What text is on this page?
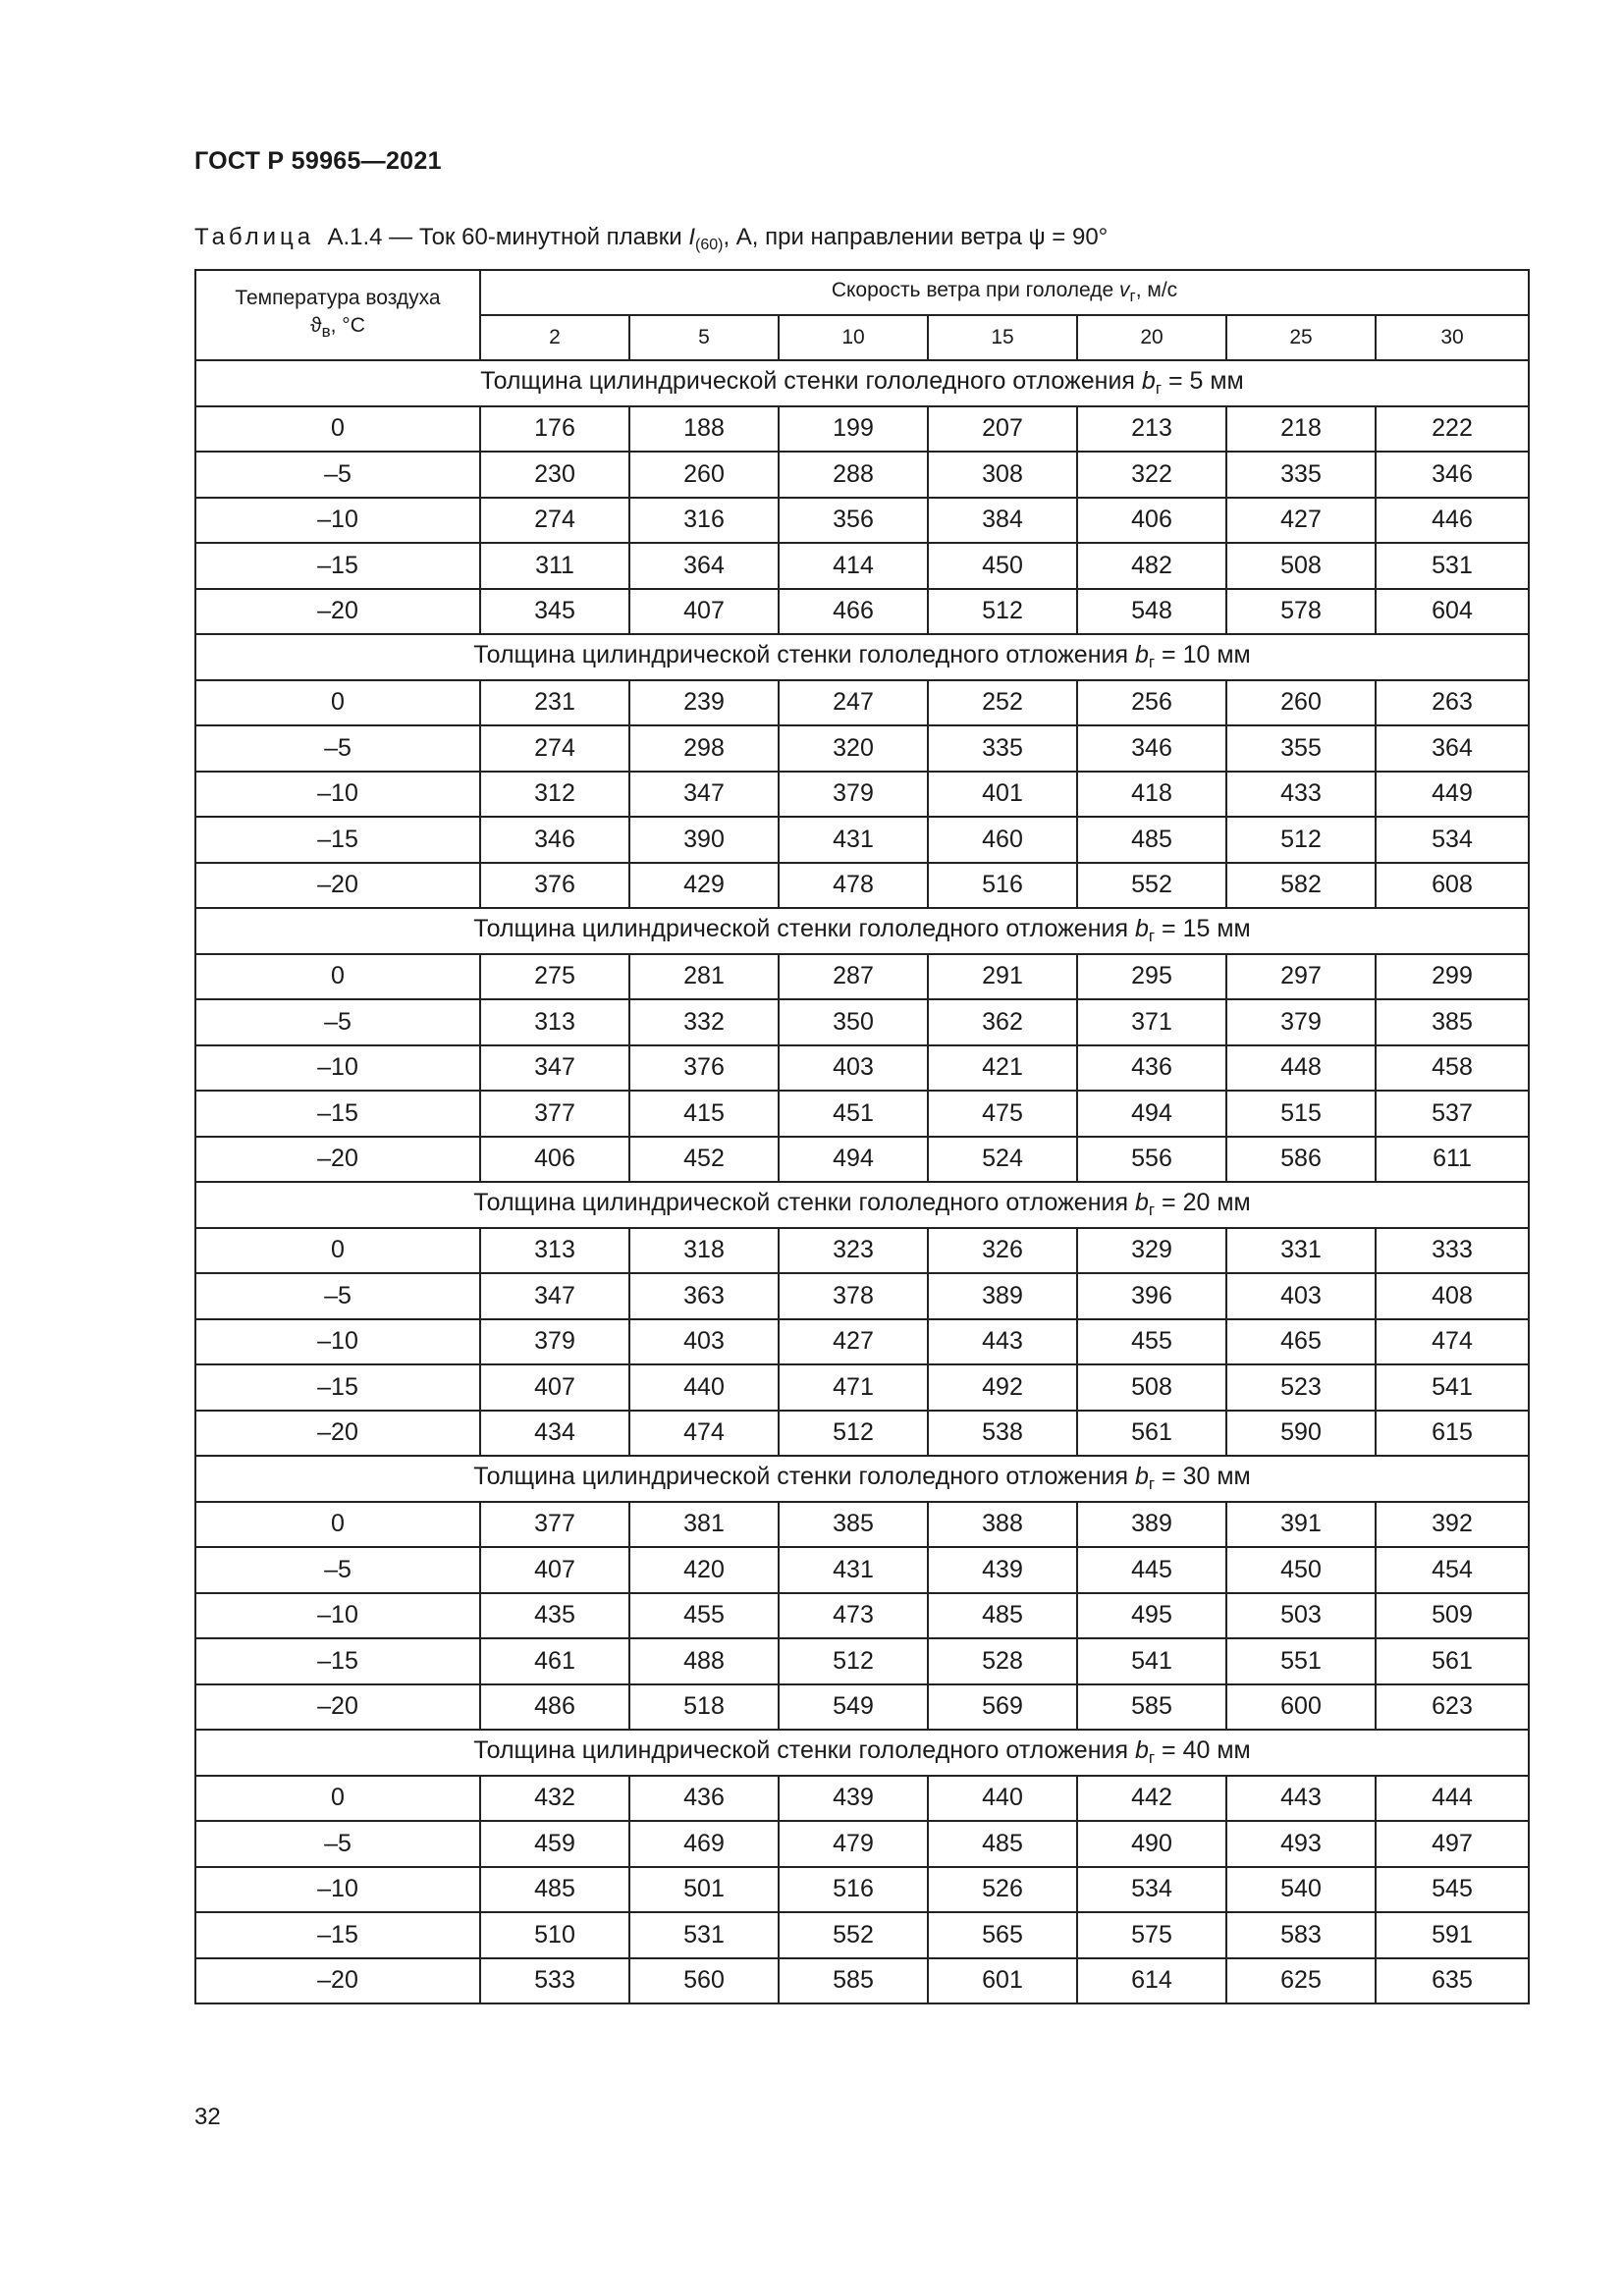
ГОСТ Р 59965—2021
Таблица А.1.4 — Ток 60-минутной плавки $I_{(60)}$, А, при направлении ветра ψ = 90°
Температура воздуха
$ϑ_в$, °C	Скорость ветра при гололеде $v_г$, м/с						
	2	5	10	15	20	25	30
Толщина цилиндрической стенки гололедного отложения $b_г = 5$ мм							
0	176	188	199	207	213	218	222
–5	230	260	288	308	322	335	346
–10	274	316	356	384	406	427	446
–15	311	364	414	450	482	508	531
–20	345	407	466	512	548	578	604
Толщина цилиндрической стенки гололедного отложения $b_г = 10$ мм							
0	231	239	247	252	256	260	263
–5	274	298	320	335	346	355	364
–10	312	347	379	401	418	433	449
–15	346	390	431	460	485	512	534
–20	376	429	478	516	552	582	608
Толщина цилиндрической стенки гололедного отложения $b_г = 15$ мм							
0	275	281	287	291	295	297	299
–5	313	332	350	362	371	379	385
–10	347	376	403	421	436	448	458
–15	377	415	451	475	494	515	537
–20	406	452	494	524	556	586	611
Толщина цилиндрической стенки гололедного отложения $b_г = 20$ мм							
0	313	318	323	326	329	331	333
–5	347	363	378	389	396	403	408
–10	379	403	427	443	455	465	474
–15	407	440	471	492	508	523	541
–20	434	474	512	538	561	590	615
Толщина цилиндрической стенки гололедного отложения $b_г = 30$ мм							
0	377	381	385	388	389	391	392
–5	407	420	431	439	445	450	454
–10	435	455	473	485	495	503	509
–15	461	488	512	528	541	551	561
–20	486	518	549	569	585	600	623
Толщина цилиндрической стенки гололедного отложения $b_г = 40$ мм							
0	432	436	439	440	442	443	444
–5	459	469	479	485	490	493	497
–10	485	501	516	526	534	540	545
–15	510	531	552	565	575	583	591
–20	533	560	585	601	614	625	635
32
